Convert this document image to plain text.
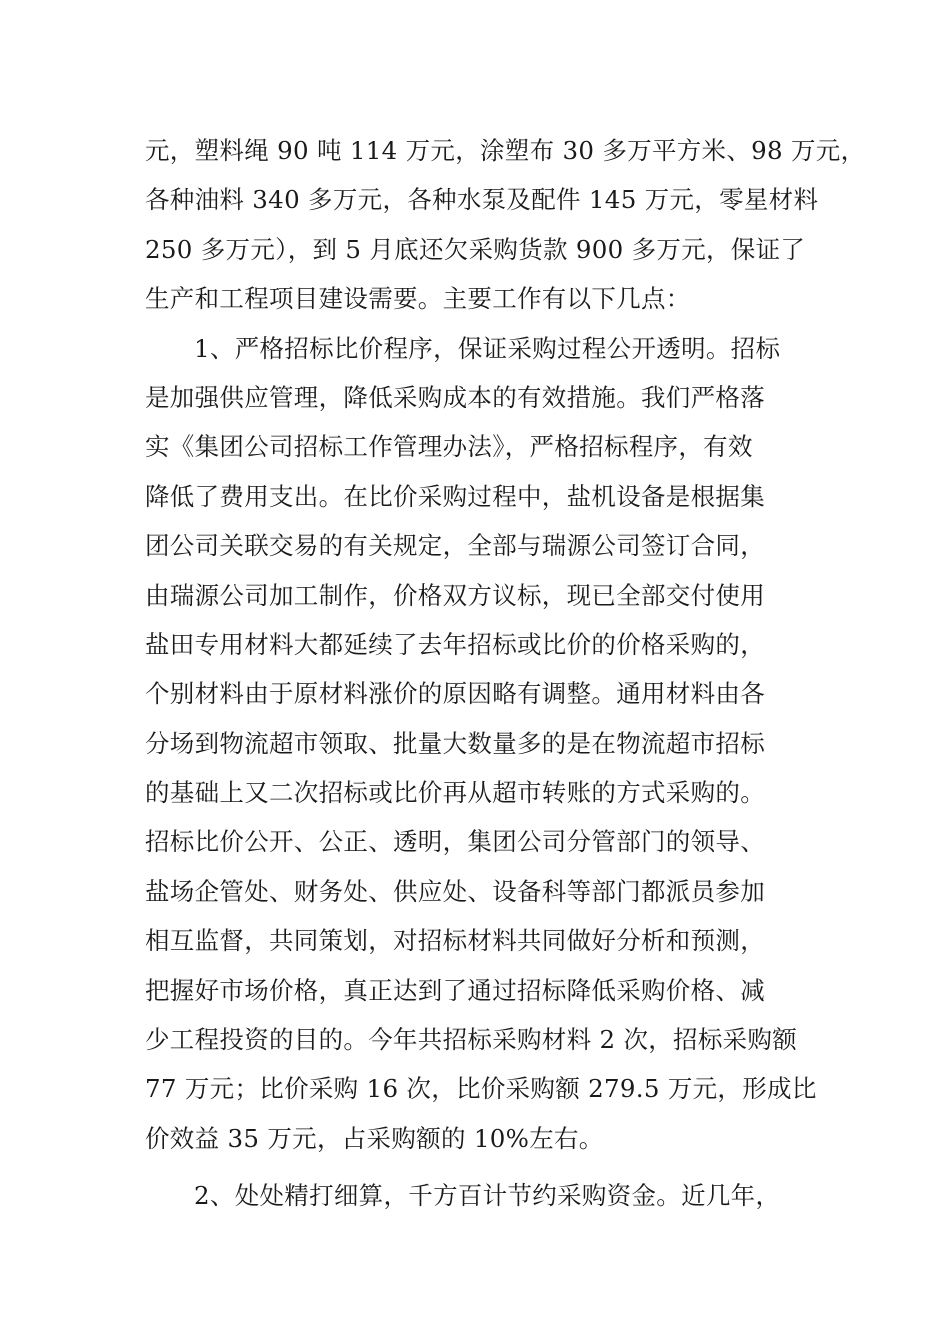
元，塑料绳 90 吨 114 万元，涂塑布 30 多万平方米、98 万元，
各种油料 340 多万元，各种水泵及配件 145 万元，零星材料
250 多万元），到 5 月底还欠采购货款 900 多万元，保证了
生产和工程项目建设需要。主要工作有以下几点：
1、严格招标比价程序，保证采购过程公开透明。招标
是加强供应管理，降低采购成本的有效措施。我们严格落
实《集团公司招标工作管理办法》，严格招标程序，有效
降低了费用支出。在比价采购过程中，盐机设备是根据集
团公司关联交易的有关规定，全部与瑞源公司签订合同，
由瑞源公司加工制作，价格双方议标，现已全部交付使用
盐田专用材料大都延续了去年招标或比价的价格采购的，
个别材料由于原材料涨价的原因略有调整。通用材料由各
分场到物流超市领取、批量大数量多的是在物流超市招标
的基础上又二次招标或比价再从超市转账的方式采购的。
招标比价公开、公正、透明，集团公司分管部门的领导、
盐场企管处、财务处、供应处、设备科等部门都派员参加
相互监督，共同策划，对招标材料共同做好分析和预测，
把握好市场价格，真正达到了通过招标降低采购价格、减
少工程投资的目的。今年共招标采购材料 2 次，招标采购额
77 万元；比价采购 16 次，比价采购额 279.5 万元，形成比
价效益 35 万元，占采购额的 10%左右。
2、处处精打细算，千方百计节约采购资金。近几年，
